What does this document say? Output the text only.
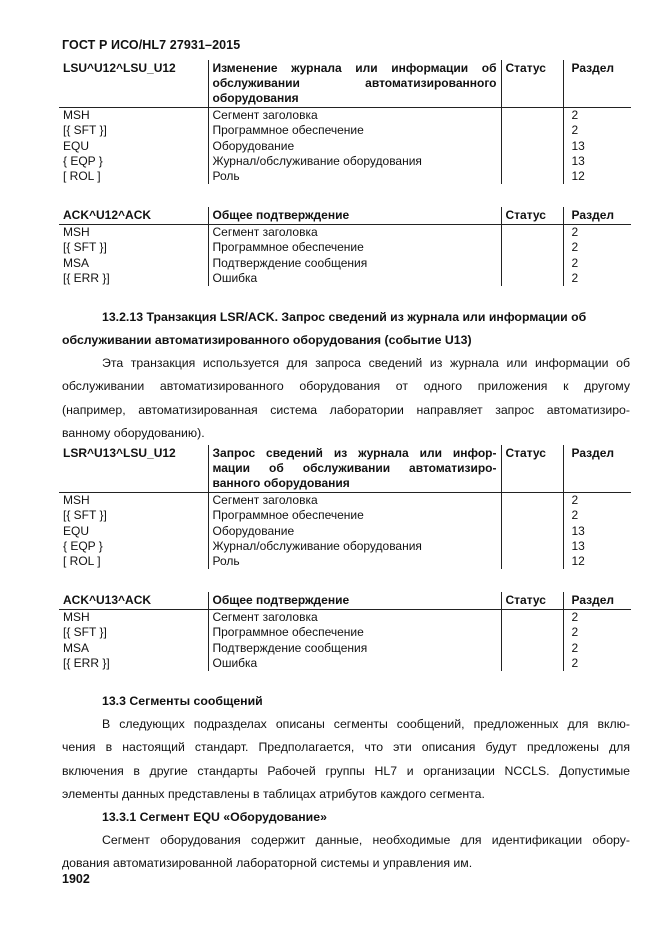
ГОСТ Р ИСО/HL7 27931–2015
LSU^U12^LSU_U12	Изменение журнала или информации об
обслуживании автоматизированного

оборудования	Статус	Раздел
MSH	Сегмент заголовка		2
[{ SFT }]	Программное обеспечение		2
EQU	Оборудование		13
{ EQP }	Журнал/обслуживание оборудования		13
[ ROL ]	Роль		12
ACK^U12^ACK	Общее подтверждение	Статус	Раздел
MSH	Сегмент заголовка		2
[{ SFT }]	Программное обеспечение		2
MSA	Подтверждение сообщения		2
[{ ERR }]	Ошибка		2
13.2.13 Транзакция LSR/ACK. Запрос сведений из журнала или информации об
обслуживании автоматизированного оборудования (событие U13)
Эта транзакция используется для запроса сведений из журнала или информации об
обслуживании автоматизированного оборудования от одного приложения к другому
(например, автоматизированная система лаборатории направляет запрос автоматизиро-
ванному оборудованию).
LSR^U13^LSU_U12	Запрос сведений из журнала или инфор-
мации об обслуживании автоматизиро-

ванного оборудования	Статус	Раздел
MSH	Сегмент заголовка		2
[{ SFT }]	Программное обеспечение		2
EQU	Оборудование		13
{ EQP }	Журнал/обслуживание оборудования		13
[ ROL ]	Роль		12
ACK^U13^ACK	Общее подтверждение	Статус	Раздел
MSH	Сегмент заголовка		2
[{ SFT }]	Программное обеспечение		2
MSA	Подтверждение сообщения		2
[{ ERR }]	Ошибка		2
13.3 Сегменты сообщений
В следующих подразделах описаны сегменты сообщений, предложенных для вклю-
чения в настоящий стандарт. Предполагается, что эти описания будут предложены для
включения в другие стандарты Рабочей группы HL7 и организации NCCLS. Допустимые
элементы данных представлены в таблицах атрибутов каждого сегмента.
13.3.1 Сегмент EQU «Оборудование»
Сегмент оборудования содержит данные, необходимые для идентификации обору-
дования автоматизированной лабораторной системы и управления им.
1902
